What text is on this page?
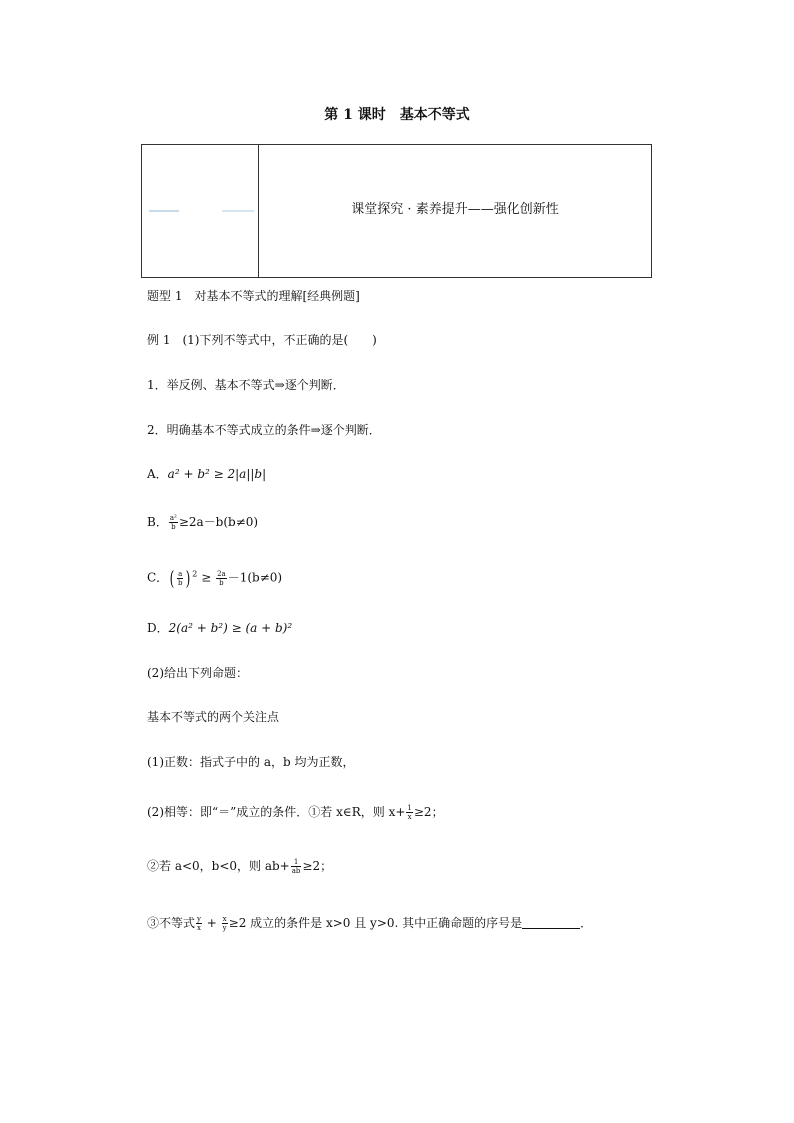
第 1 课时　基本不等式
课堂探究 · 素养提升——强化创新性
题型 1　对基本不等式的理解[经典例题]
例 1　(1)下列不等式中，不正确的是(　　)
1．举反例、基本不等式⇒逐个判断．
2．明确基本不等式成立的条件⇒逐个判断．
A．a² + b² ≥ 2|a||b|
B． $\frac{\text{a²}}{b} \ge 2a-b(b\ne 0)$
C．( $\frac{a}{b}$ ) $^2 \ge \frac{2a}{b} -1(b\ne 0)$
D．2(a² + b²) ≥ (a + b)²
(2)给出下列命题：
基本不等式的两个关注点
(1)正数：指式子中的 a，b 均为正数，
(2)相等：即“＝”成立的条件．①若 x∈R，则 $x+ \frac{1}{x} \ge 2$；
②若 a<0，b<0，则 $ab+ \frac{1}{ab} \ge 2$；
③不等式 $\frac{y}{x} + \frac{x}{y} \ge 2$ 成立的条件是 x>0 且 y>0. 其中正确命题的序号是	．
